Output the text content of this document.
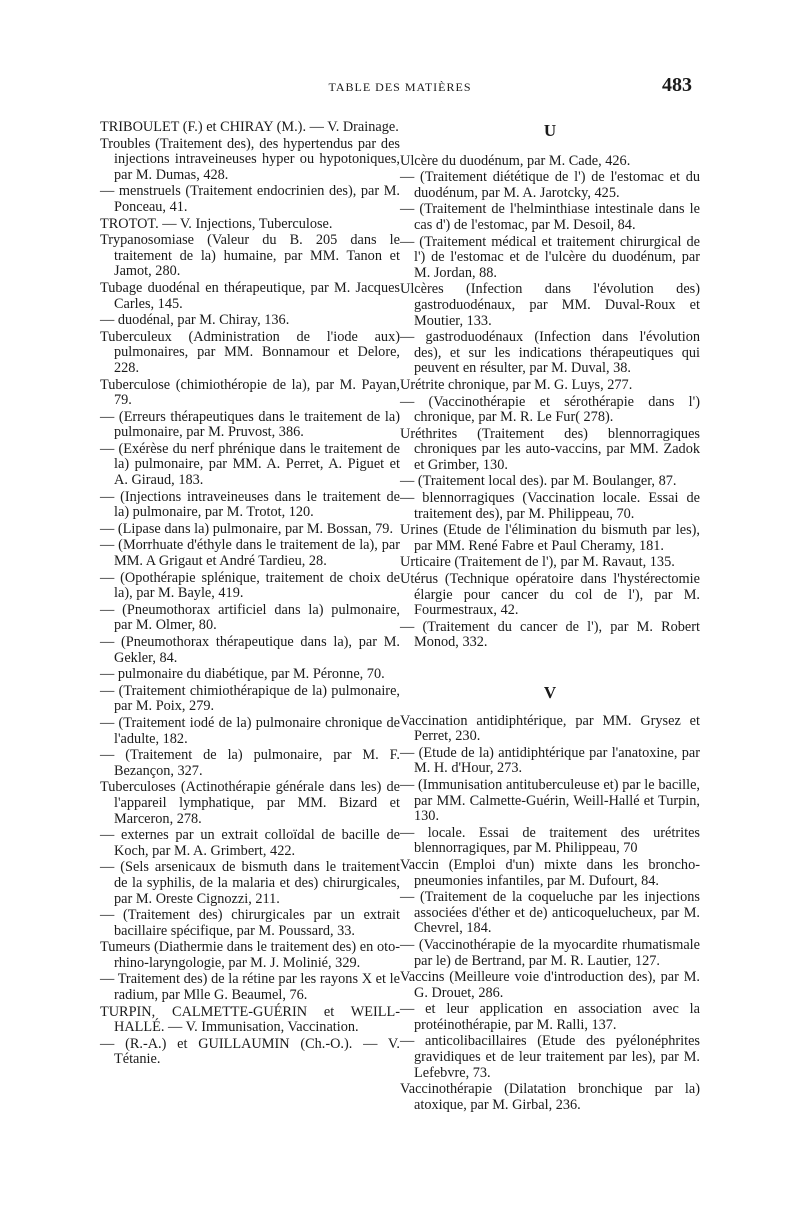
TABLE DES MATIÈRES	483

TRIBOULET (F.) et CHIRAY (M.). — V. Drainage.

Troubles (Traitement des), des hypertendus par des injections intraveineuses hyper ou hypotoniques, par M. Dumas, 428.

— menstruels (Traitement endocrinien des), par M. Ponceau, 41.

TROTOT. — V. Injections, Tuberculose.

Trypanosomiase (Valeur du B. 205 dans le traitement de la) humaine, par MM. Tanon et Jamot, 280.

Tubage duodénal en thérapeutique, par M. Jacques Carles, 145.

— duodénal, par M. Chiray, 136.

Tuberculeux (Administration de l'iode aux) pulmonaires, par MM. Bonnamour et Delore, 228.

Tuberculose (chimiothéropie de la), par M. Payan, 79.

— (Erreurs thérapeutiques dans le traitement de la) pulmonaire, par M. Pruvost, 386.

— (Exérèse du nerf phrénique dans le traitement de la) pulmonaire, par MM. A. Perret, A. Piguet et A. Giraud, 183.

— (Injections intraveineuses dans le traitement de la) pulmonaire, par M. Trotot, 120.

— (Lipase dans la) pulmonaire, par M. Bossan, 79.

— (Morrhuate d'éthyle dans le traitement de la), par MM. A Grigaut et André Tardieu, 28.

— (Opothérapie splénique, traitement de choix de la), par M. Bayle, 419.

— (Pneumothorax artificiel dans la) pulmonaire, par M. Olmer, 80.

— (Pneumothorax thérapeutique dans la), par M. Gekler, 84.

— pulmonaire du diabétique, par M. Péronne, 70.

— (Traitement chimiothérapique de la) pulmonaire, par M. Poix, 279.

— (Traitement iodé de la) pulmonaire chronique de l'adulte, 182.

— (Traitement de la) pulmonaire, par M. F. Bezançon, 327.

Tuberculoses (Actinothérapie générale dans les) de l'appareil lymphatique, par MM. Bizard et Marceron, 278.

— externes par un extrait colloïdal de bacille de Koch, par M. A. Grimbert, 422.

— (Sels arsenicaux de bismuth dans le traitement de la syphilis, de la malaria et des) chirurgicales, par M. Oreste Cignozzi, 211.

— (Traitement des) chirurgicales par un extrait bacillaire spécifique, par M. Poussard, 33.

Tumeurs (Diathermie dans le traitement des) en oto-rhino-laryngologie, par M. J. Molinié, 329.

— Traitement des) de la rétine par les rayons X et le radium, par Mlle G. Beaumel, 76.

TURPIN, CALMETTE-GUÉRIN et WEILL-HALLÉ. — V. Immunisation, Vaccination.

— (R.-A.) et GUILLAUMIN (Ch.-O.). — V. Tétanie.

U

Ulcère du duodénum, par M. Cade, 426.

— (Traitement diététique de l') de l'estomac et du duodénum, par M. A. Jarotcky, 425.

— (Traitement de l'helminthiase intestinale dans le cas d') de l'estomac, par M. Desoil, 84.

— (Traitement médical et traitement chirurgical de l') de l'estomac et de l'ulcère du duodénum, par M. Jordan, 88.

Ulcères (Infection dans l'évolution des) gastroduodénaux, par MM. Duval-Roux et Moutier, 133.

— gastroduodénaux (Infection dans l'évolution des), et sur les indications thérapeutiques qui peuvent en résulter, par M. Duval, 38.

Urétrite chronique, par M. G. Luys, 277.

— (Vaccinothérapie et sérothérapie dans l') chronique, par M. R. Le Fur( 278).

Uréthrites (Traitement des) blennorragiques chroniques par les auto-vaccins, par MM. Zadok et Grimber, 130.

— (Traitement local des). par M. Boulanger, 87.

— blennorragiques (Vaccination locale. Essai de traitement des), par M. Philippeau, 70.

Urines (Etude de l'élimination du bismuth par les), par MM. René Fabre et Paul Cheramy, 181.

Urticaire (Traitement de l'), par M. Ravaut, 135.

Utérus (Technique opératoire dans l'hystérectomie élargie pour cancer du col de l'), par M. Fourmestraux, 42.

— (Traitement du cancer de l'), par M. Robert Monod, 332.

V

Vaccination antidiphtérique, par MM. Grysez et Perret, 230.

— (Etude de la) antidiphtérique par l'anatoxine, par M. H. d'Hour, 273.

— (Immunisation antituberculeuse et) par le bacille, par MM. Calmette-Guérin, Weill-Hallé et Turpin, 130.

— locale. Essai de traitement des urétrites blennorragiques, par M. Philippeau, 70

Vaccin (Emploi d'un) mixte dans les broncho-pneumonies infantiles, par M. Dufourt, 84.

— (Traitement de la coqueluche par les injections associées d'éther et de) anticoquelucheux, par M. Chevrel, 184.

— (Vaccinothérapie de la myocardite rhumatismale par le) de Bertrand, par M. R. Lautier, 127.

Vaccins (Meilleure voie d'introduction des), par M. G. Drouet, 286.

— et leur application en association avec la protéinothérapie, par M. Ralli, 137.

— anticolibacillaires (Etude des pyélonéphrites gravidiques et de leur traitement par les), par M. Lefebvre, 73.

Vaccinothérapie (Dilatation bronchique par la) atoxique, par M. Girbal, 236.
